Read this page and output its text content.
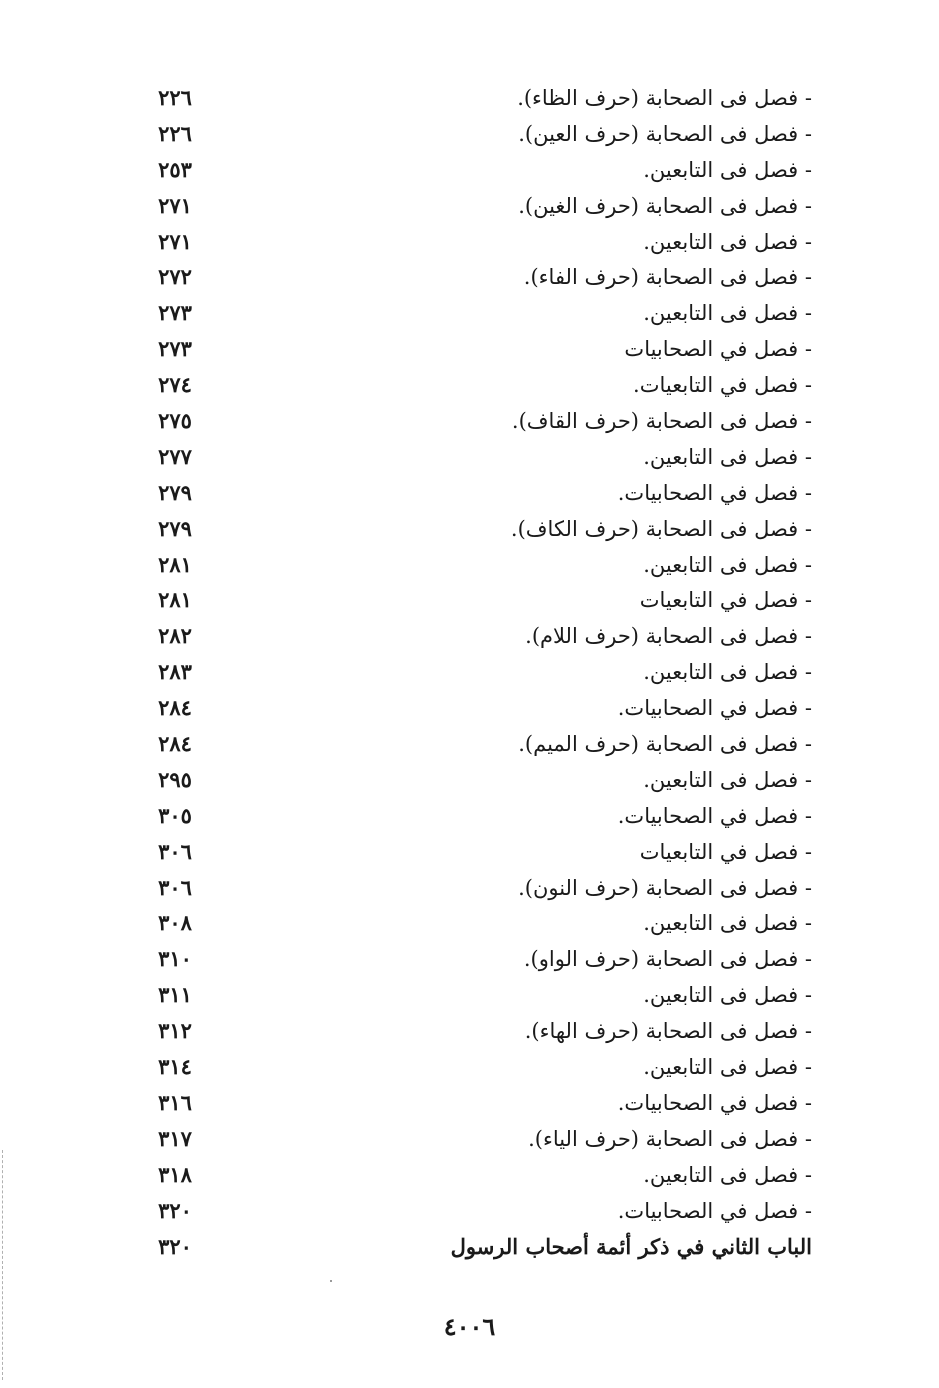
- فصل فى الصحابة (حرف الظاء).
٢٢٦
- فصل فى الصحابة (حرف العين).
٢٢٦
- فصل فى التابعين.
٢٥٣
- فصل فى الصحابة (حرف الغين).
٢٧١
- فصل فى التابعين.
٢٧١
- فصل فى الصحابة (حرف الفاء).
٢٧٢
- فصل فى التابعين.
٢٧٣
- فصل في الصحابيات
٢٧٣
- فصل في التابعيات.
٢٧٤
- فصل فى الصحابة (حرف القاف).
٢٧٥
- فصل فى التابعين.
٢٧٧
- فصل في الصحابيات.
٢٧٩
- فصل فى الصحابة (حرف الكاف).
٢٧٩
- فصل فى التابعين.
٢٨١
- فصل في التابعيات
٢٨١
- فصل فى الصحابة (حرف اللام).
٢٨٢
- فصل فى التابعين.
٢٨٣
- فصل في الصحابيات.
٢٨٤
- فصل فى الصحابة (حرف الميم).
٢٨٤
- فصل فى التابعين.
٢٩٥
- فصل في الصحابيات.
٣٠٥
- فصل في التابعيات
٣٠٦
- فصل فى الصحابة (حرف النون).
٣٠٦
- فصل فى التابعين.
٣٠٨
- فصل فى الصحابة (حرف الواو).
٣١٠
- فصل فى التابعين.
٣١١
- فصل فى الصحابة (حرف الهاء).
٣١٢
- فصل فى التابعين.
٣١٤
- فصل في الصحابيات.
٣١٦
- فصل فى الصحابة (حرف الياء).
٣١٧
- فصل فى التابعين.
٣١٨
- فصل في الصحابيات.
٣٢٠
الباب الثاني في ذكر أئمة أصحاب الرسول
٣٢٠
٤٠٠٦
